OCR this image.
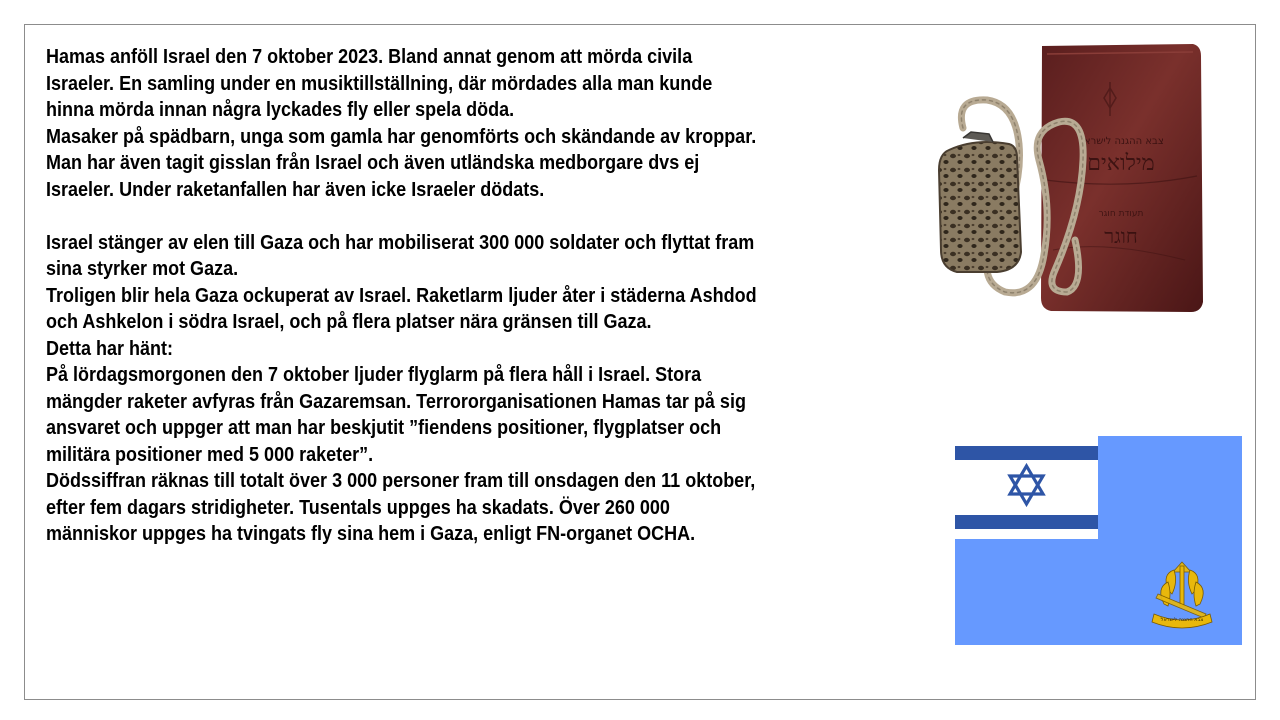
Hamas anföll Israel den 7 oktober 2023. Bland annat genom att mörda civila
Israeler. En samling under en musiktillställning, där mördades alla man kunde
hinna mörda innan några lyckades fly eller spela döda.
Masaker på spädbarn, unga som gamla har genomförts och skändande av kroppar.
Man har även tagit gisslan från Israel och även utländska medborgare dvs ej
Israeler. Under raketanfallen har även icke Israeler dödats.
Israel stänger av elen till Gaza och har mobiliserat 300 000 soldater och flyttat fram
sina styrker mot Gaza.
Troligen blir hela Gaza ockuperat av Israel. Raketlarm ljuder åter i städerna Ashdod
och Ashkelon i södra Israel, och på flera platser nära gränsen till Gaza.
Detta har hänt:
På lördagsmorgonen den 7 oktober ljuder flyglarm på flera håll i Israel. Stora
mängder raketer avfyras från Gazaremsan. Terrororganisationen Hamas tar på sig
ansvaret och uppger att man har beskjutit ”fiendens positioner, flygplatser och
militära positioner med 5 000 raketer”.
Dödssiffran räknas till totalt över 3 000 personer fram till onsdagen den 11 oktober,
efter fem dagars stridigheter. Tusentals uppges ha skadats. Över 260 000
människor uppges ha tvingats fly sina hem i Gaza, enligt FN-organet OCHA.
צבא ההגנה לישראל
מילואים
תעודת חוגר
חוגר
צבא ההגנה לישראל
